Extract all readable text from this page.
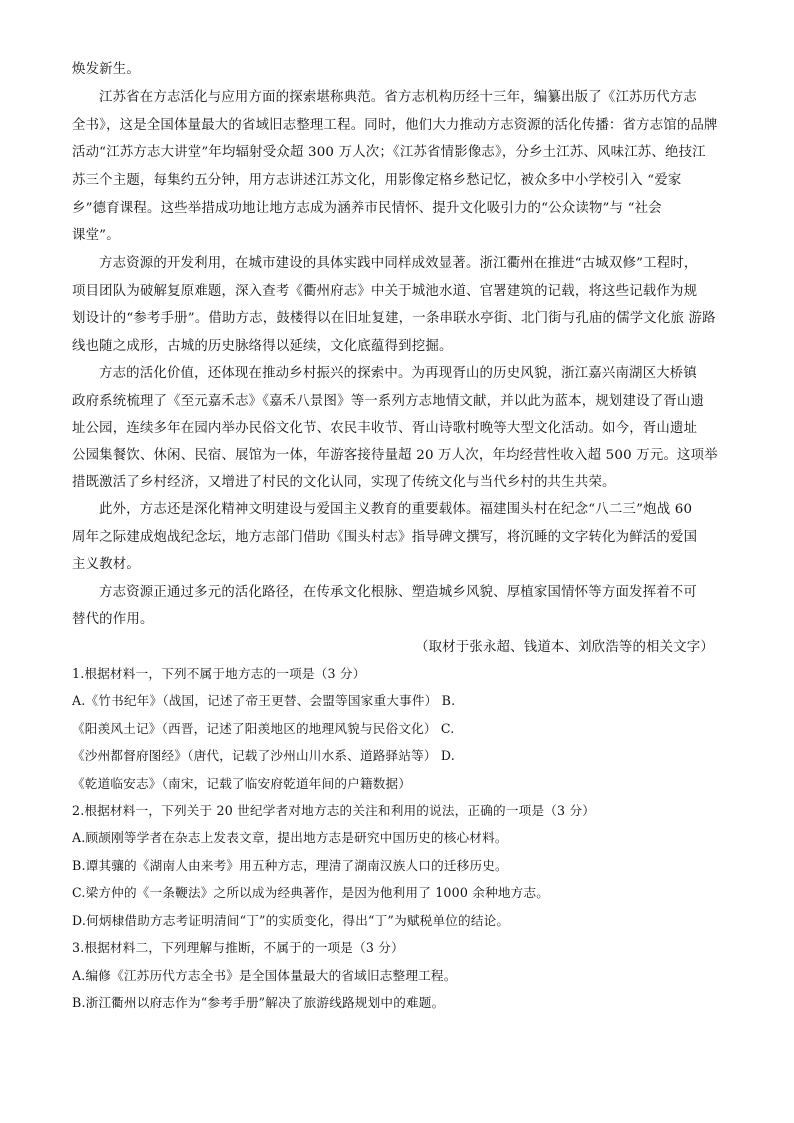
焕发新生。
江苏省在方志活化与应用方面的探索堪称典范。省方志机构历经十三年，编纂出版了《江苏历代方志
全书》，这是全国体量最大的省域旧志整理工程。同时，他们大力推动方志资源的活化传播：省方志馆的品牌
活动“江苏方志大讲堂”年均辐射受众超 300 万人次；《江苏省情影像志》，分乡土江苏、风味江苏、绝技江
苏三个主题，每集约五分钟，用方志讲述江苏文化，用影像定格乡愁记忆，被众多中小学校引入 “爱家
乡”德育课程。这些举措成功地让地方志成为涵养市民情怀、提升文化吸引力的“公众读物”与 “社会
课堂”。
方志资源的开发利用，在城市建设的具体实践中同样成效显著。浙江衢州在推进“古城双修”工程时，
项目团队为破解复原难题，深入查考《衢州府志》中关于城池水道、官署建筑的记载，将这些记载作为规
划设计的“参考手册”。借助方志，鼓楼得以在旧址复建，一条串联水亭街、北门街与孔庙的儒学文化旅 游路
线也随之成形，古城的历史脉络得以延续，文化底蕴得到挖掘。
方志的活化价值，还体现在推动乡村振兴的探索中。为再现胥山的历史风貌，浙江嘉兴南湖区大桥镇
政府系统梳理了《至元嘉禾志》《嘉禾八景图》等一系列方志地情文献，并以此为蓝本，规划建设了胥山遗
址公园，连续多年在园内举办民俗文化节、农民丰收节、胥山诗歌村晚等大型文化活动。如今，胥山遗址
公园集餐饮、休闲、民宿、展馆为一体，年游客接待量超 20 万人次，年均经营性收入超 500 万元。这项举
措既激活了乡村经济，又增进了村民的文化认同，实现了传统文化与当代乡村的共生共荣。
此外，方志还是深化精神文明建设与爱国主义教育的重要载体。福建围头村在纪念“八二三”炮战 60
周年之际建成炮战纪念坛，地方志部门借助《围头村志》指导碑文撰写，将沉睡的文字转化为鲜活的爱国
主义教材。
方志资源正通过多元的活化路径，在传承文化根脉、塑造城乡风貌、厚植家国情怀等方面发挥着不可
替代的作用。
（取材于张永超、钱道本、刘欣浩等的相关文字）
1.根据材料一，下列不属于地方志的一项是（3 分）
A.《竹书纪年》（战国，记述了帝王更替、会盟等国家重大事件） B.
《阳羡风土记》（西晋，记述了阳羡地区的地理风貌与民俗文化） C.
《沙州都督府图经》（唐代，记载了沙州山川水系、道路驿站等） D.
《乾道临安志》（南宋，记载了临安府乾道年间的户籍数据）
2.根据材料一，下列关于 20 世纪学者对地方志的关注和利用的说法，正确的一项是（3 分）
A.顾颉刚等学者在杂志上发表文章，提出地方志是研究中国历史的核心材料。
B.谭其骧的《湖南人由来考》用五种方志，理清了湖南汉族人口的迁移历史。
C.梁方仲的《一条鞭法》之所以成为经典著作，是因为他利用了 1000 余种地方志。
D.何炳棣借助方志考证明清间“丁”的实质变化，得出“丁”为赋税单位的结论。
3.根据材料二，下列理解与推断，不属于的一项是（3 分）
A.编修《江苏历代方志全书》是全国体量最大的省域旧志整理工程。
B.浙江衢州以府志作为“参考手册”解决了旅游线路规划中的难题。
